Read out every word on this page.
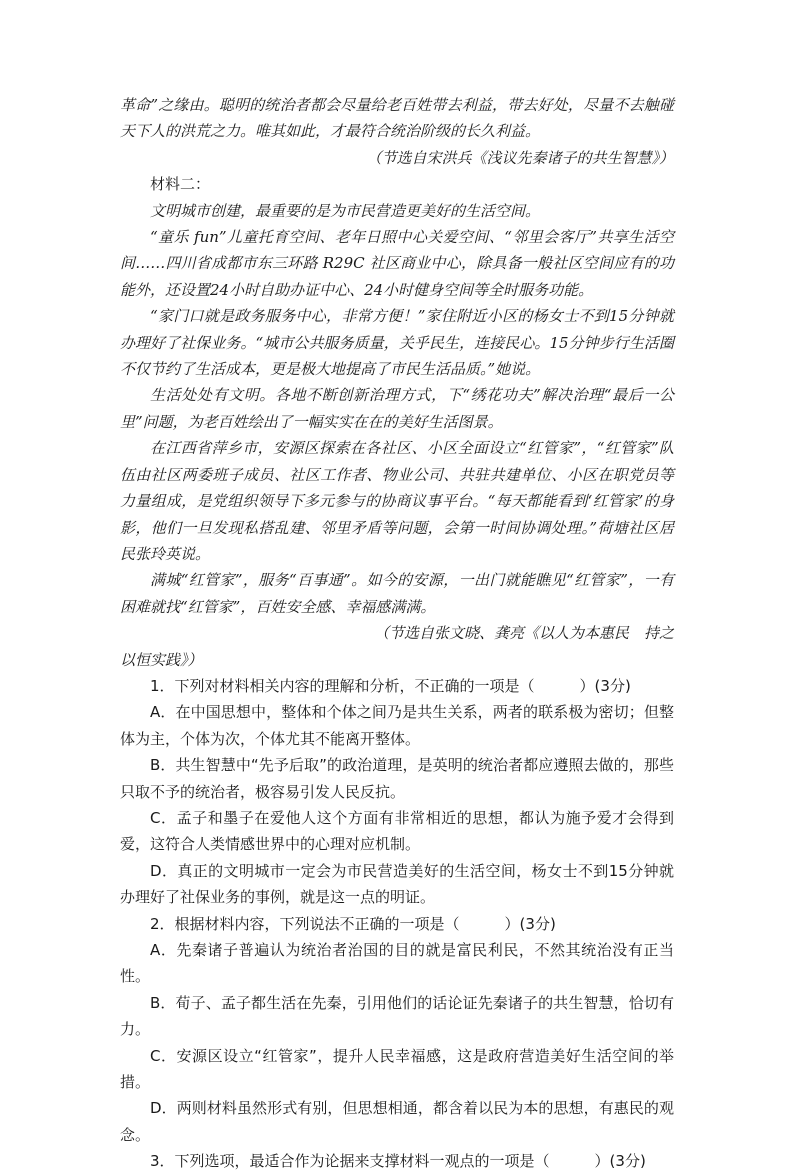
革命”之缘由。聪明的统治者都会尽量给老百姓带去利益，带去好处，尽量不去触碰天下人的洪荒之力。唯其如此，才最符合统治阶级的长久利益。

（节选自宋洪兵《浅议先秦诸子的共生智慧》）

材料二：

文明城市创建，最重要的是为市民营造更美好的生活空间。

“童乐 fun”儿童托育空间、老年日照中心关爱空间、“邻里会客厅”共享生活空间……四川省成都市东三环路 R29C 社区商业中心，除具备一般社区空间应有的功能外，还设置24小时自助办证中心、24小时健身空间等全时服务功能。

“家门口就是政务服务中心，非常方便！”家住附近小区的杨女士不到15分钟就办理好了社保业务。“城市公共服务质量，关乎民生，连接民心。15分钟步行生活圈不仅节约了生活成本，更是极大地提高了市民生活品质。”她说。

生活处处有文明。各地不断创新治理方式，下“绣花功夫”解决治理“最后一公里”问题，为老百姓绘出了一幅实实在在的美好生活图景。

在江西省萍乡市，安源区探索在各社区、小区全面设立“红管家”，“红管家”队伍由社区两委班子成员、社区工作者、物业公司、共驻共建单位、小区在职党员等力量组成，是党组织领导下多元参与的协商议事平台。“每天都能看到‘红管家’的身影，他们一旦发现私搭乱建、邻里矛盾等问题，会第一时间协调处理。”荷塘社区居民张玲英说。

满城“红管家”，服务“百事通”。如今的安源，一出门就能瞧见“红管家”，一有困难就找“红管家”，百姓安全感、幸福感满满。

（节选自张文晓、龚亮《以人为本惠民　持之

以恒实践》）

1．下列对材料相关内容的理解和分析，不正确的一项是（　　　）(3分)

A．在中国思想中，整体和个体之间乃是共生关系，两者的联系极为密切；但整体为主，个体为次，个体尤其不能离开整体。

B．共生智慧中“先予后取”的政治道理，是英明的统治者都应遵照去做的，那些只取不予的统治者，极容易引发人民反抗。

C．孟子和墨子在爱他人这个方面有非常相近的思想，都认为施予爱才会得到爱，这符合人类情感世界中的心理对应机制。

D．真正的文明城市一定会为市民营造美好的生活空间，杨女士不到15分钟就办理好了社保业务的事例，就是这一点的明证。

2．根据材料内容，下列说法不正确的一项是（　　　）(3分)

A．先秦诸子普遍认为统治者治国的目的就是富民利民，不然其统治没有正当性。

B．荀子、孟子都生活在先秦，引用他们的话论证先秦诸子的共生智慧，恰切有力。

C．安源区设立“红管家”，提升人民幸福感，这是政府营造美好生活空间的举措。

D．两则材料虽然形式有别，但思想相通，都含着以民为本的思想，有惠民的观念。

3．下列选项，最适合作为论据来支撑材料一观点的一项是（　　　）(3分)
